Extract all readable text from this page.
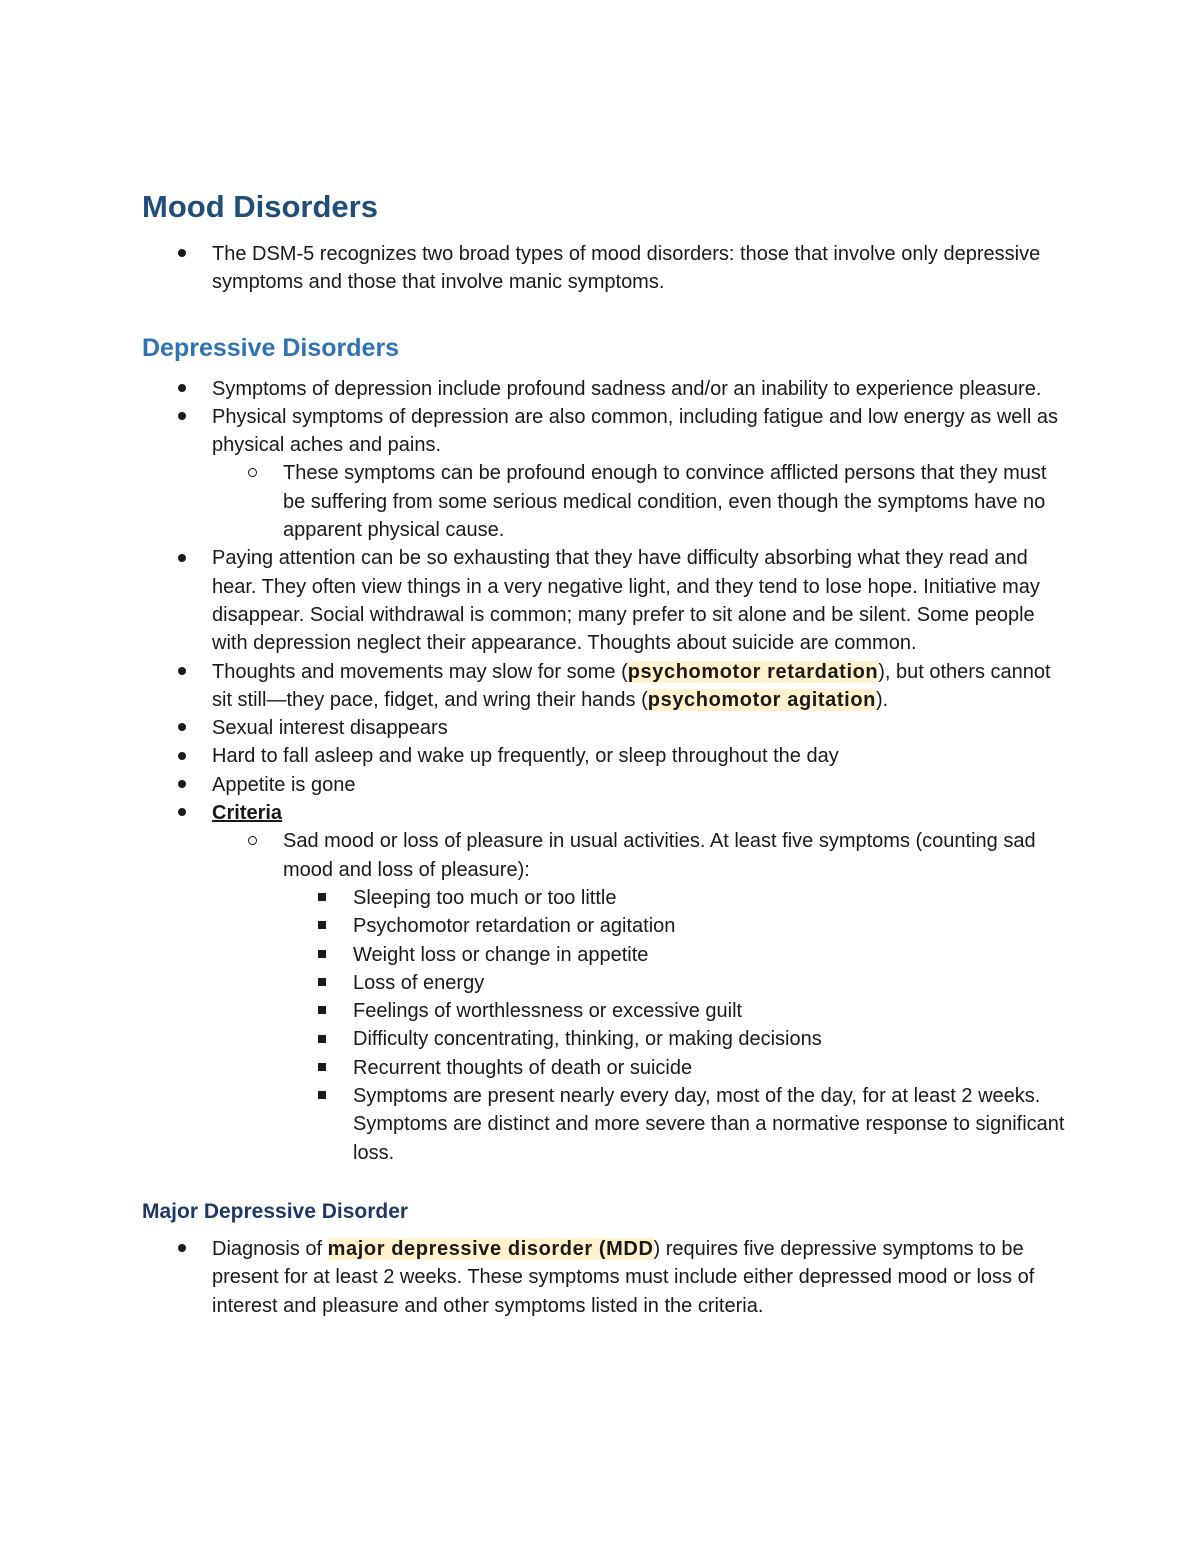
Mood Disorders
The DSM-5 recognizes two broad types of mood disorders: those that involve only depressive symptoms and those that involve manic symptoms.
Depressive Disorders
Symptoms of depression include profound sadness and/or an inability to experience pleasure.
Physical symptoms of depression are also common, including fatigue and low energy as well as physical aches and pains.
These symptoms can be profound enough to convince afflicted persons that they must be suffering from some serious medical condition, even though the symptoms have no apparent physical cause.
Paying attention can be so exhausting that they have difficulty absorbing what they read and hear. They often view things in a very negative light, and they tend to lose hope. Initiative may disappear. Social withdrawal is common; many prefer to sit alone and be silent. Some people with depression neglect their appearance. Thoughts about suicide are common.
Thoughts and movements may slow for some (psychomotor retardation), but others cannot sit still—they pace, fidget, and wring their hands (psychomotor agitation).
Sexual interest disappears
Hard to fall asleep and wake up frequently, or sleep throughout the day
Appetite is gone
Criteria
Sad mood or loss of pleasure in usual activities. At least five symptoms (counting sad mood and loss of pleasure):
Sleeping too much or too little
Psychomotor retardation or agitation
Weight loss or change in appetite
Loss of energy
Feelings of worthlessness or excessive guilt
Difficulty concentrating, thinking, or making decisions
Recurrent thoughts of death or suicide
Symptoms are present nearly every day, most of the day, for at least 2 weeks. Symptoms are distinct and more severe than a normative response to significant loss.
Major Depressive Disorder
Diagnosis of major depressive disorder (MDD) requires five depressive symptoms to be present for at least 2 weeks. These symptoms must include either depressed mood or loss of interest and pleasure and other symptoms listed in the criteria.
